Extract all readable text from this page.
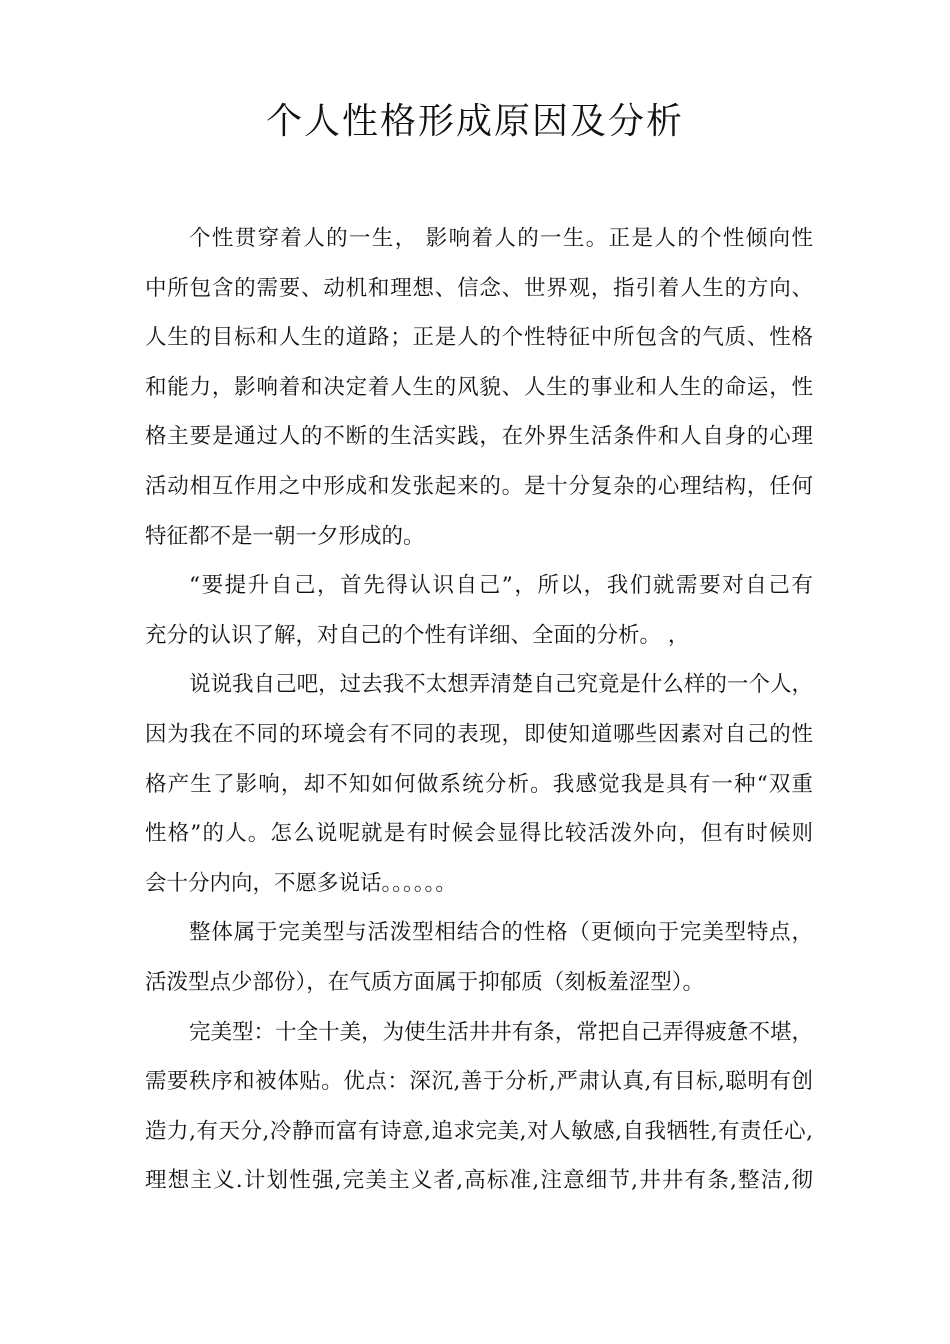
个人性格形成原因及分析
个性贯穿着人的一生， 影响着人的一生。正是人的个性倾向性
中所包含的需要、动机和理想、信念、世界观，指引着人生的方向、
人生的目标和人生的道路；正是人的个性特征中所包含的气质、性格
和能力，影响着和决定着人生的风貌、人生的事业和人生的命运，性
格主要是通过人的不断的生活实践，在外界生活条件和人自身的心理
活动相互作用之中形成和发张起来的。是十分复杂的心理结构，任何
特征都不是一朝一夕形成的。
“要提升自己，首先得认识自己”，所以，我们就需要对自己有
充分的认识了解，对自己的个性有详细、全面的分析。 ，
说说我自己吧，过去我不太想弄清楚自己究竟是什么样的一个人，
因为我在不同的环境会有不同的表现，即使知道哪些因素对自己的性
格产生了影响，却不知如何做系统分析。我感觉我是具有一种“双重
性格”的人。怎么说呢就是有时候会显得比较活泼外向，但有时候则
会十分内向，不愿多说话。。。。。。
整体属于完美型与活泼型相结合的性格（更倾向于完美型特点，
活泼型点少部份），在气质方面属于抑郁质（刻板羞涩型）。
完美型：十全十美，为使生活井井有条，常把自己弄得疲惫不堪，
需要秩序和被体贴。优点：深沉,善于分析,严肃认真,有目标,聪明有创
造力,有天分,冷静而富有诗意,追求完美,对人敏感,自我牺牲,有责任心,
理想主义.计划性强,完美主义者,高标准,注意细节,井井有条,整洁,彻
